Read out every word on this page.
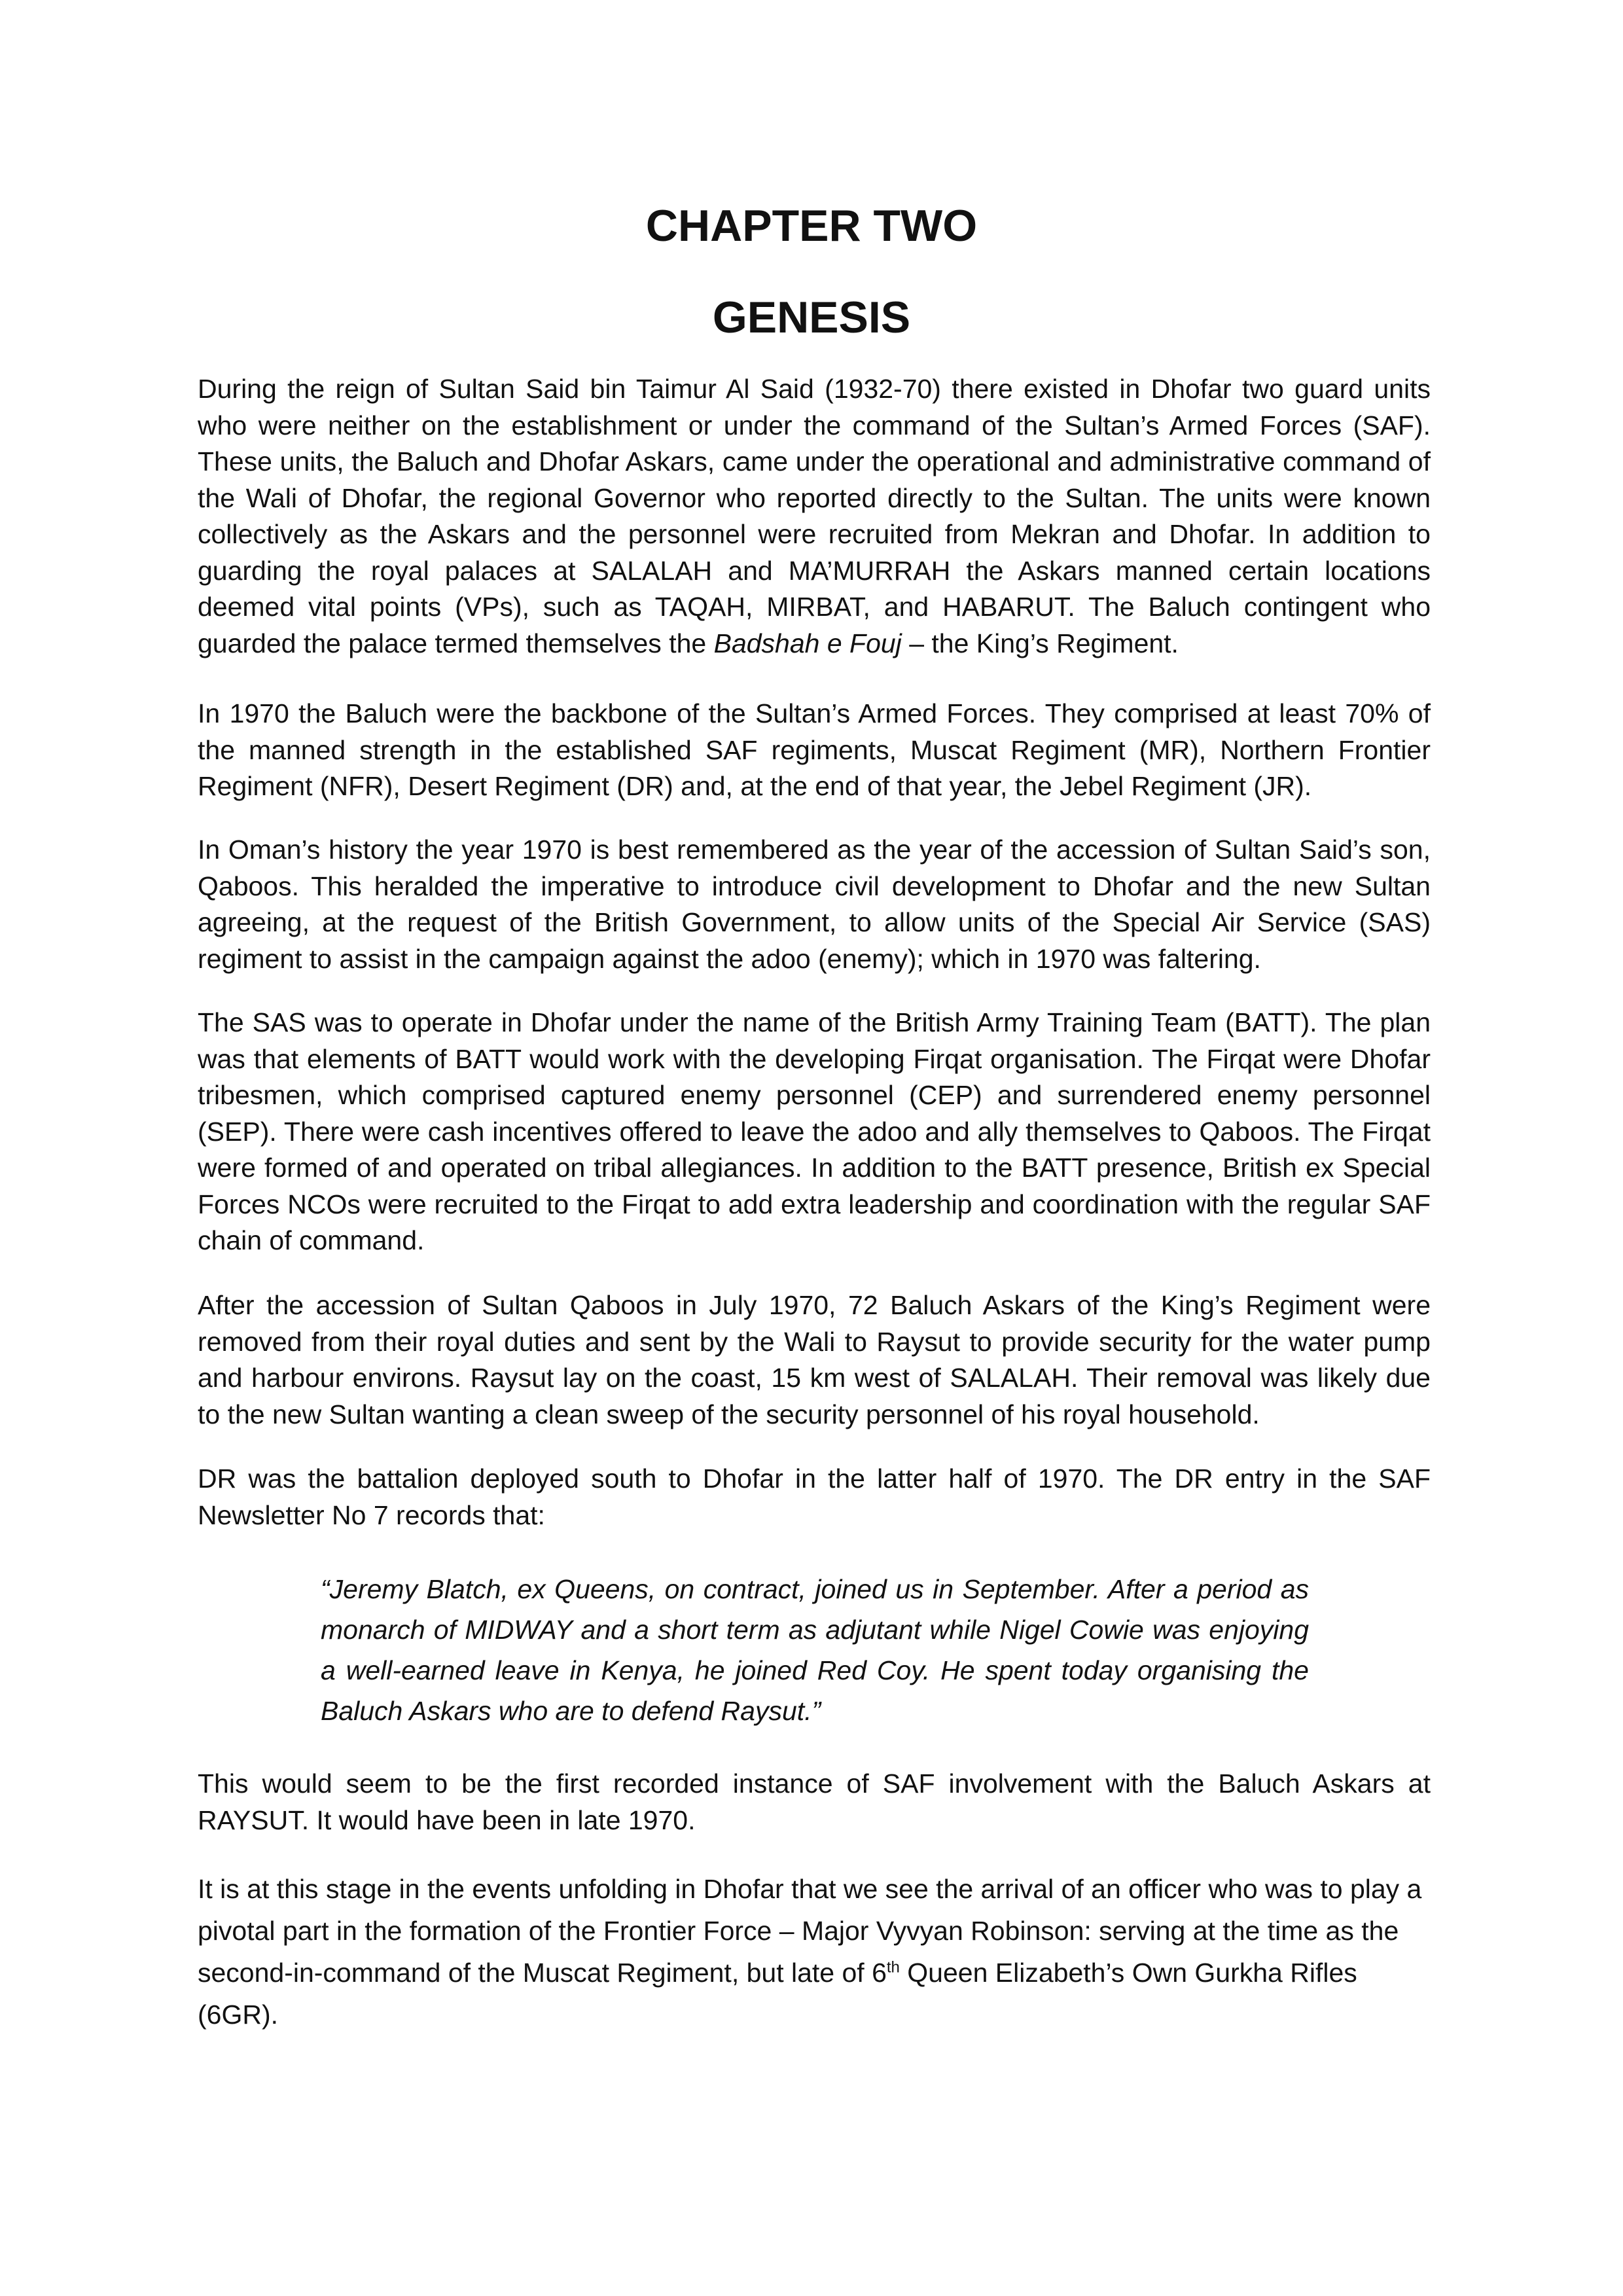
CHAPTER TWO
GENESIS

During the reign of Sultan Said bin Taimur Al Said (1932-70) there existed in Dhofar two guard units who were neither on the establishment or under the command of the Sultan’s Armed Forces (SAF). These units, the Baluch and Dhofar Askars, came under the operational and administrative command of the Wali of Dhofar, the regional Governor who reported directly to the Sultan. The units were known collectively as the Askars and the personnel were recruited from Mekran and Dhofar. In addition to guarding the royal palaces at SALALAH and MA’MURRAH the Askars manned certain locations deemed vital points (VPs), such as TAQAH, MIRBAT, and HABARUT. The Baluch contingent who guarded the palace termed themselves the Badshah e Fouj – the King’s Regiment.

In 1970 the Baluch were the backbone of the Sultan’s Armed Forces. They comprised at least 70% of the manned strength in the established SAF regiments, Muscat Regiment (MR), Northern Frontier Regiment (NFR), Desert Regiment (DR) and, at the end of that year, the Jebel Regiment (JR).

In Oman’s history the year 1970 is best remembered as the year of the accession of Sultan Said’s son, Qaboos. This heralded the imperative to introduce civil development to Dhofar and the new Sultan agreeing, at the request of the British Government, to allow units of the Special Air Service (SAS) regiment to assist in the campaign against the adoo (enemy); which in 1970 was faltering.

The SAS was to operate in Dhofar under the name of the British Army Training Team (BATT). The plan was that elements of BATT would work with the developing Firqat organisation. The Firqat were Dhofar tribesmen, which comprised captured enemy personnel (CEP) and surrendered enemy personnel (SEP). There were cash incentives offered to leave the adoo and ally themselves to Qaboos. The Firqat were formed of and operated on tribal allegiances. In addition to the BATT presence, British ex Special Forces NCOs were recruited to the Firqat to add extra leadership and coordination with the regular SAF chain of command.

After the accession of Sultan Qaboos in July 1970, 72 Baluch Askars of the King’s Regiment were removed from their royal duties and sent by the Wali to Raysut to provide security for the water pump and harbour environs. Raysut lay on the coast, 15 km west of SALALAH. Their removal was likely due to the new Sultan wanting a clean sweep of the security personnel of his royal household.

DR was the battalion deployed south to Dhofar in the latter half of 1970. The DR entry in the SAF Newsletter No 7 records that:

“Jeremy Blatch, ex Queens, on contract, joined us in September. After a period as monarch of MIDWAY and a short term as adjutant while Nigel Cowie was enjoying a well-earned leave in Kenya, he joined Red Coy. He spent today organising the Baluch Askars who are to defend Raysut.”

This would seem to be the first recorded instance of SAF involvement with the Baluch Askars at RAYSUT. It would have been in late 1970.

It is at this stage in the events unfolding in Dhofar that we see the arrival of an officer who was to play a pivotal part in the formation of the Frontier Force – Major Vyvyan Robinson: serving at the time as the second-in-command of the Muscat Regiment, but late of 6th Queen Elizabeth’s Own Gurkha Rifles (6GR).
